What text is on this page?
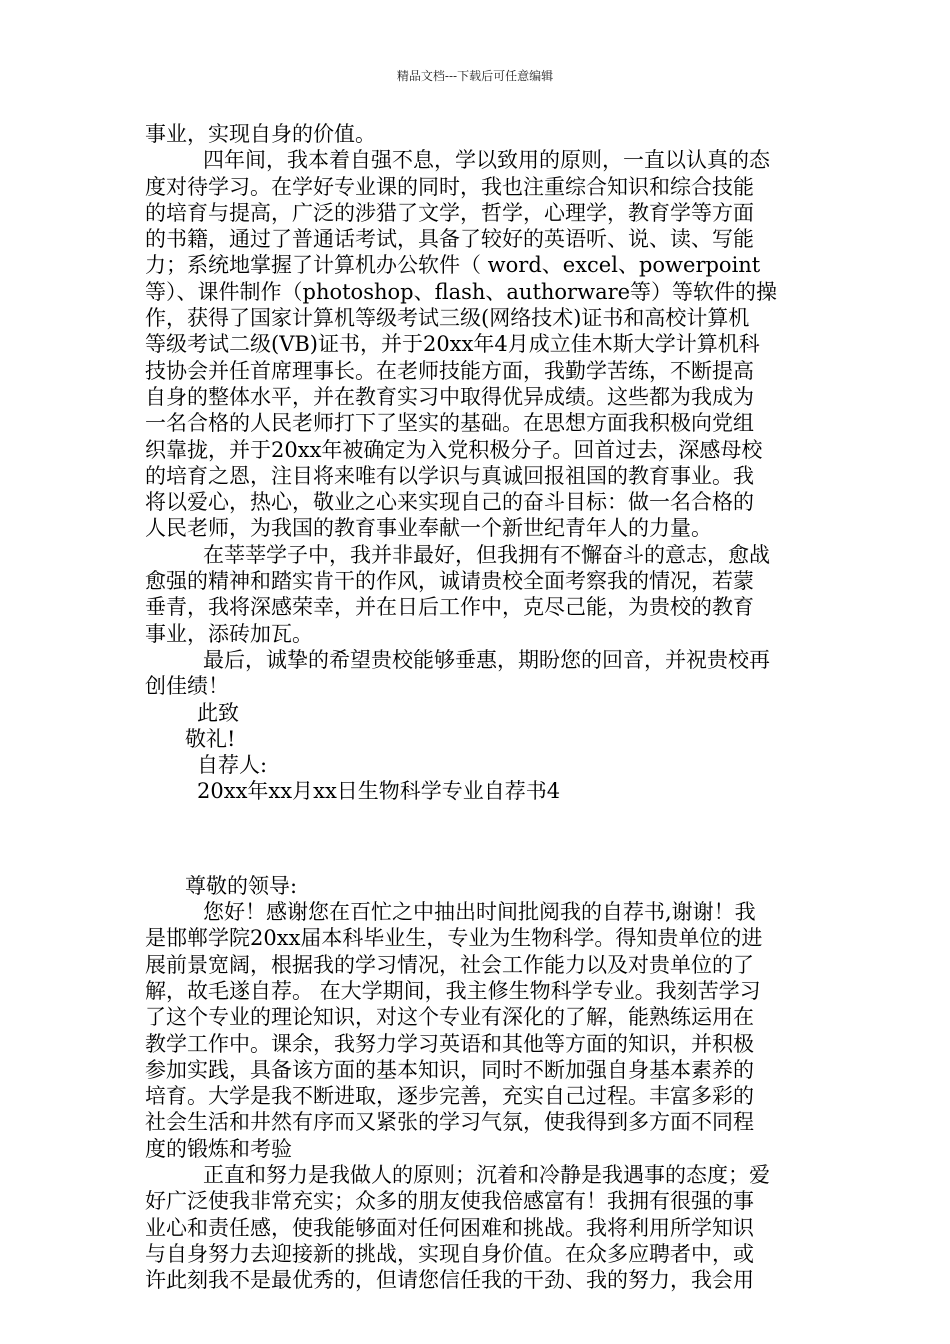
精品文档---下载后可任意编辑
事业，实现自身的价值。
四年间，我本着自强不息，学以致用的原则，一直以认真的态
度对待学习。在学好专业课的同时，我也注重综合知识和综合技能
的培育与提高，广泛的涉猎了文学，哲学，心理学，教育学等方面
的书籍，通过了普通话考试，具备了较好的英语听、说、读、写能
力；系统地掌握了计算机办公软件（ word、excel、powerpoint
等）、课件制作（photoshop、flash、authorware等）等软件的操
作，获得了国家计算机等级考试三级(网络技术)证书和高校计算机
等级考试二级(VB)证书，并于20xx年4月成立佳木斯大学计算机科
技协会并任首席理事长。在老师技能方面，我勤学苦练，不断提高
自身的整体水平，并在教育实习中取得优异成绩。这些都为我成为
一名合格的人民老师打下了坚实的基础。在思想方面我积极向党组
织靠拢，并于20xx年被确定为入党积极分子。回首过去，深感母校
的培育之恩，注目将来唯有以学识与真诚回报祖国的教育事业。我
将以爱心，热心，敬业之心来实现自己的奋斗目标：做一名合格的
人民老师，为我国的教育事业奉献一个新世纪青年人的力量。
在莘莘学子中，我并非最好，但我拥有不懈奋斗的意志，愈战
愈强的精神和踏实肯干的作风，诚请贵校全面考察我的情况，若蒙
垂青，我将深感荣幸，并在日后工作中，克尽己能，为贵校的教育
事业，添砖加瓦。
最后，诚挚的希望贵校能够垂惠，期盼您的回音，并祝贵校再
创佳绩！
此致
敬礼!
自荐人:
20xx年xx月xx日生物科学专业自荐书4
尊敬的领导:
您好！感谢您在百忙之中抽出时间批阅我的自荐书,谢谢！我
是邯郸学院20xx届本科毕业生，专业为生物科学。得知贵单位的进
展前景宽阔，根据我的学习情况，社会工作能力以及对贵单位的了
解，故毛遂自荐。 在大学期间，我主修生物科学专业。我刻苦学习
了这个专业的理论知识，对这个专业有深化的了解，能熟练运用在
教学工作中。课余，我努力学习英语和其他等方面的知识，并积极
参加实践，具备该方面的基本知识，同时不断加强自身基本素养的
培育。大学是我不断进取，逐步完善，充实自己过程。丰富多彩的
社会生活和井然有序而又紧张的学习气氛，使我得到多方面不同程
度的锻炼和考验
正直和努力是我做人的原则；沉着和冷静是我遇事的态度；爱
好广泛使我非常充实；众多的朋友使我倍感富有！我拥有很强的事
业心和责任感，使我能够面对任何困难和挑战。我将利用所学知识
与自身努力去迎接新的挑战，实现自身价值。在众多应聘者中，或
许此刻我不是最优秀的，但请您信任我的干劲、我的努力，我会用
